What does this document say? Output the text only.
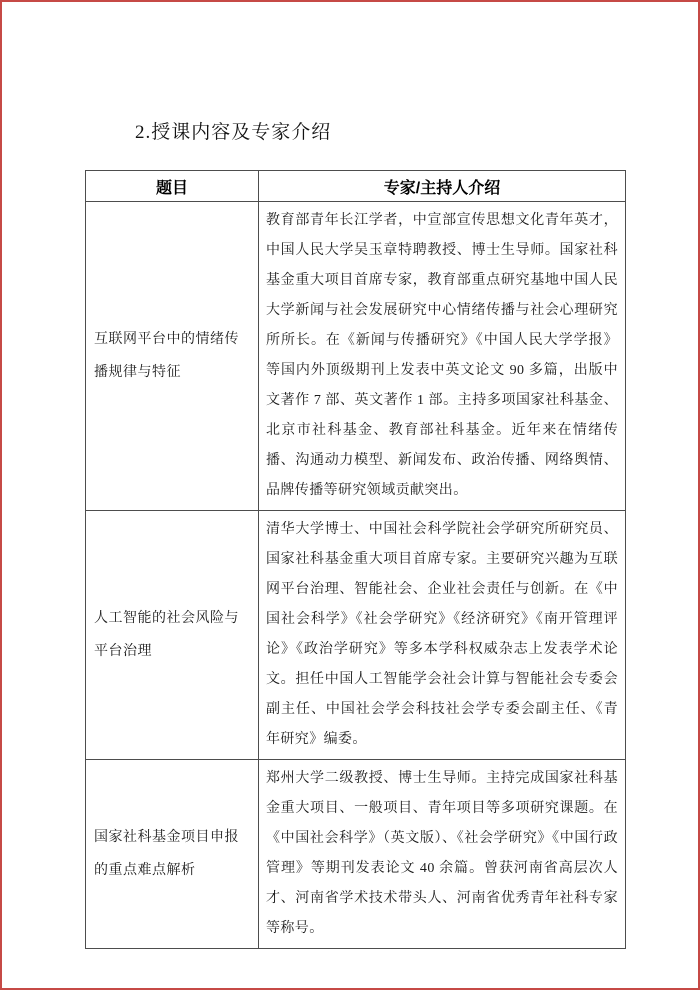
2.授课内容及专家介绍
题目	专家/主持人介绍
互联网平台中的情绪传播规律与特征	教育部青年长江学者，中宣部宣传思想文化青年英才，中国人民大学吴玉章特聘教授、博士生导师。国家社科基金重大项目首席专家，教育部重点研究基地中国人民大学新闻与社会发展研究中心情绪传播与社会心理研究所所长。在《新闻与传播研究》《中国人民大学学报》等国内外顶级期刊上发表中英文论文 90 多篇，出版中文著作 7 部、英文著作 1 部。主持多项国家社科基金、北京市社科基金、教育部社科基金。近年来在情绪传播、沟通动力模型、新闻发布、政治传播、网络舆情、品牌传播等研究领域贡献突出。
人工智能的社会风险与平台治理	清华大学博士、中国社会科学院社会学研究所研究员、国家社科基金重大项目首席专家。主要研究兴趣为互联网平台治理、智能社会、企业社会责任与创新。在《中国社会科学》《社会学研究》《经济研究》《南开管理评论》《政治学研究》等多本学科权威杂志上发表学术论文。担任中国人工智能学会社会计算与智能社会专委会副主任、中国社会学会科技社会学专委会副主任、《青年研究》编委。
国家社科基金项目申报的重点难点解析	郑州大学二级教授、博士生导师。主持完成国家社科基金重大项目、一般项目、青年项目等多项研究课题。在《中国社会科学》（英文版）、《社会学研究》《中国行政管理》等期刊发表论文 40 余篇。曾获河南省高层次人才、河南省学术技术带头人、河南省优秀青年社科专家等称号。
